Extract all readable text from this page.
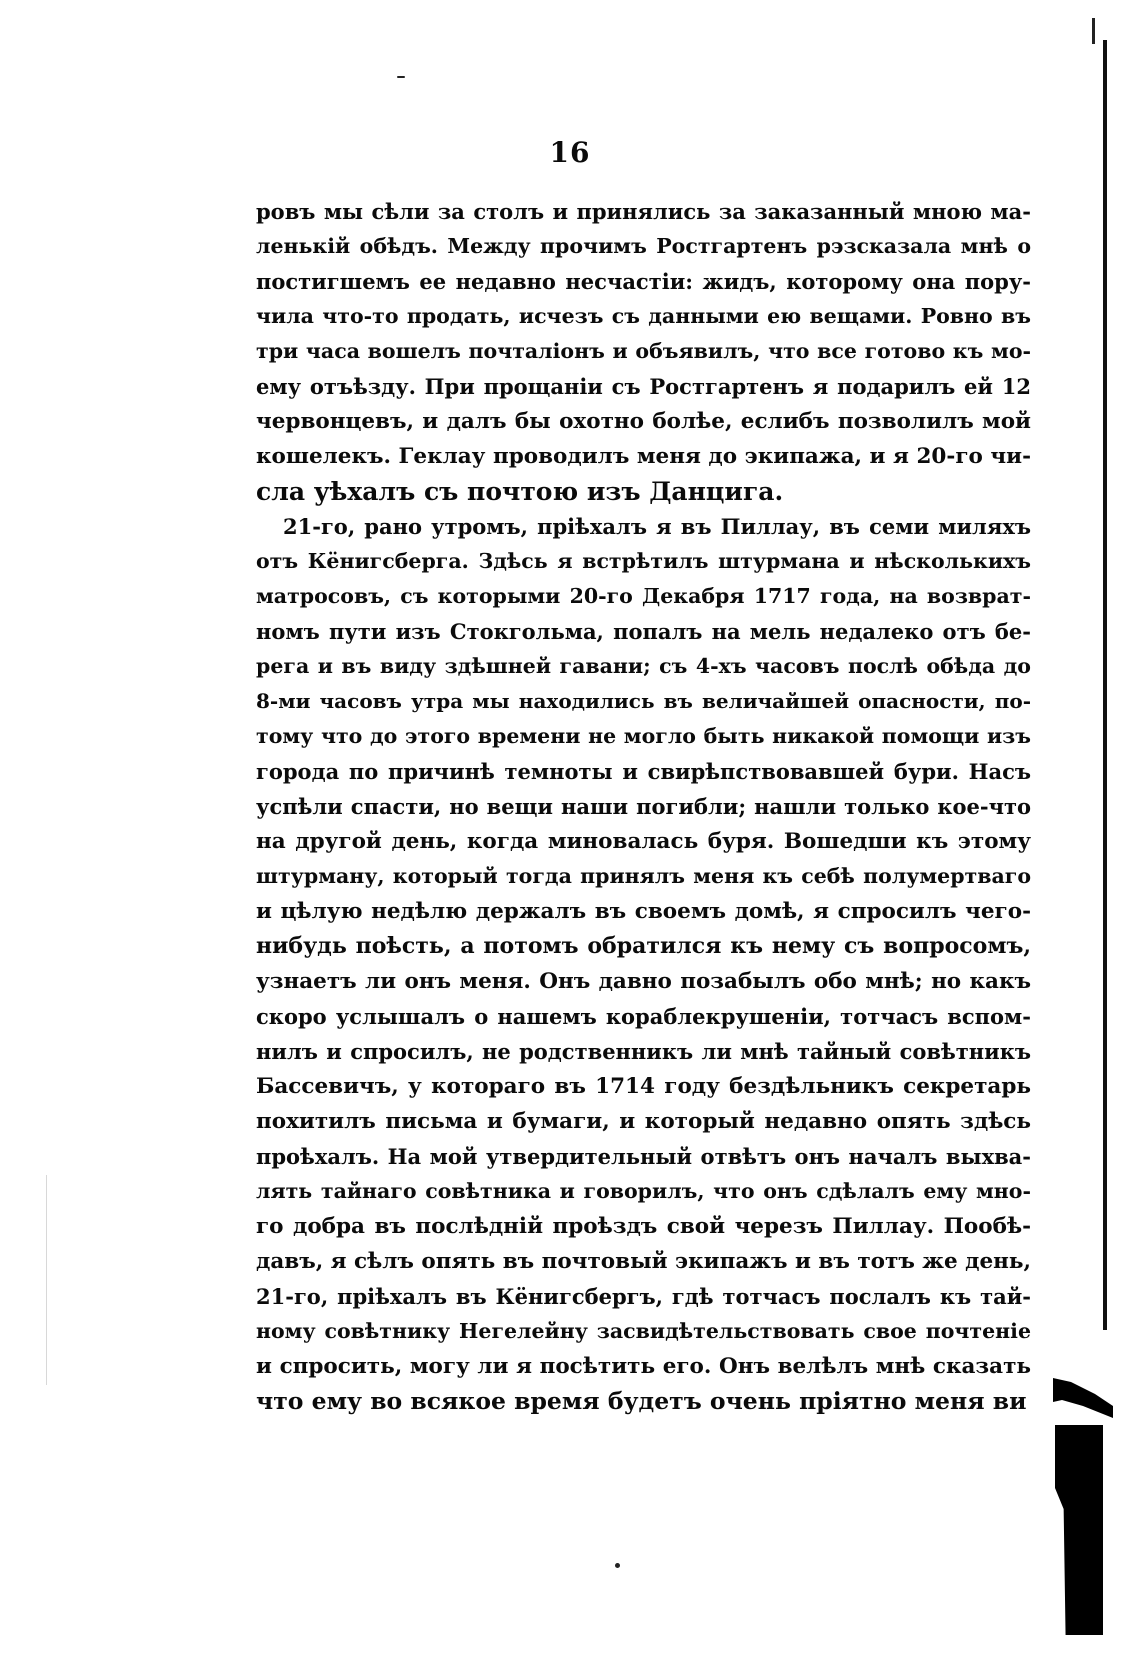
16
ровъ мы сѣли за столъ и принялись за заказанный мною ма-
ленькій обѣдъ. Между прочимъ Ростгартенъ рэзсказала мнѣ о
постигшемъ ее недавно несчастіи: жидъ, которому она пору-
чила что-то продать, исчезъ съ данными ею вещами. Ровно въ
три часа вошелъ почталіонъ и объявилъ, что все готово къ мо-
ему отъѣзду. При прощаніи съ Ростгартенъ я подарилъ ей 12
червонцевъ, и далъ бы охотно болѣе, еслибъ позволилъ мой
кошелекъ. Геклау проводилъ меня до экипажа, и я 20-го чи-
сла уѣхалъ съ почтою изъ Данцига.
21-го, рано утромъ, пріѣхалъ я въ Пиллау, въ семи миляхъ
отъ Кёнигсберга. Здѣсь я встрѣтилъ штурмана и нѣсколькихъ
матросовъ, съ которыми 20-го Декабря 1717 года, на возврат-
номъ пути изъ Стокгольма, попалъ на мель недалеко отъ бе-
рега и въ виду здѣшней гавани; съ 4-хъ часовъ послѣ обѣда до
8-ми часовъ утра мы находились въ величайшей опасности, по-
тому что до этого времени не могло быть никакой помощи изъ
города по причинѣ темноты и свирѣпствовавшей бури. Насъ
успѣли спасти, но вещи наши погибли; нашли только кое-что
на другой день, когда миновалась буря. Вошедши къ этому
штурману, который тогда принялъ меня къ себѣ полумертваго
и цѣлую недѣлю держалъ въ своемъ домѣ, я спросилъ чего-
нибудь поѣсть, а потомъ обратился къ нему съ вопросомъ,
узнаетъ ли онъ меня. Онъ давно позабылъ обо мнѣ; но какъ
скоро услышалъ о нашемъ кораблекрушеніи, тотчасъ вспом-
нилъ и спросилъ, не родственникъ ли мнѣ тайный совѣтникъ
Бассевичъ, у котораго въ 1714 году бездѣльникъ секретарь
похитилъ письма и бумаги, и который недавно опять здѣсь
проѣхалъ. На мой утвердительный отвѣтъ онъ началъ выхва-
лять тайнаго совѣтника и говорилъ, что онъ сдѣлалъ ему мно-
го добра въ послѣдній проѣздъ свой черезъ Пиллау. Пообѣ-
давъ, я сѣлъ опять въ почтовый экипажъ и въ тотъ же день,
21-го, пріѣхалъ въ Кёнигсбергъ, гдѣ тотчасъ послалъ къ тай-
ному совѣтнику Негелейну засвидѣтельствовать свое почтеніе
и спросить, могу ли я посѣтить его. Онъ велѣлъ мнѣ сказать
что ему во всякое время будетъ очень пріятно меня ви
